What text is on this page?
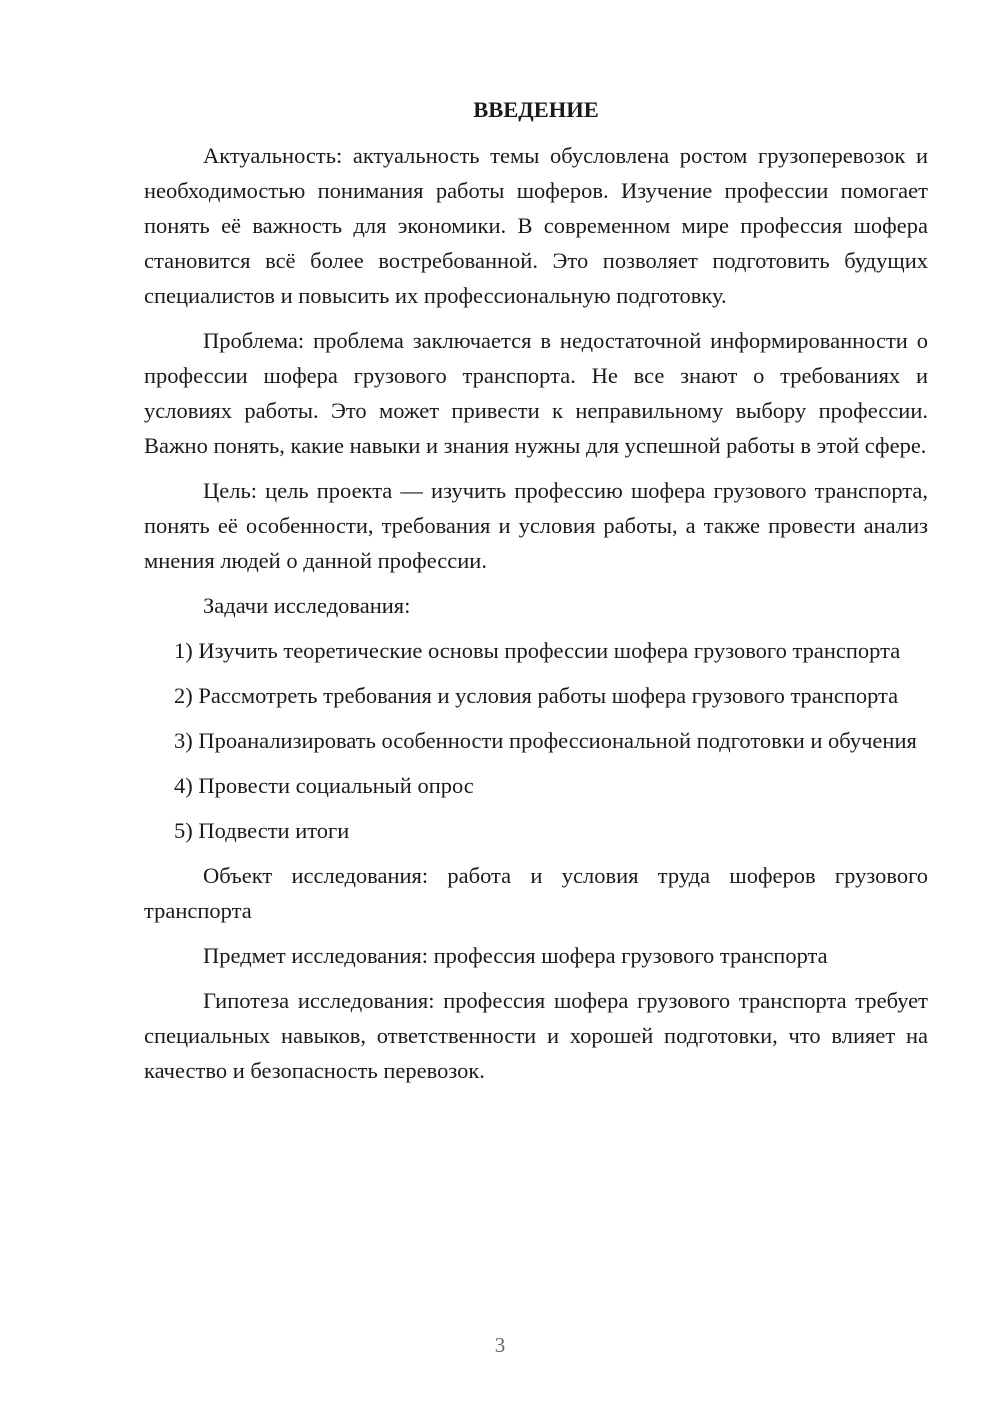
ВВЕДЕНИЕ

Актуальность: актуальность темы обусловлена ростом грузоперевозок и необходимостью понимания работы шоферов. Изучение профессии помогает понять её важность для экономики. В современном мире профессия шофера становится всё более востребованной. Это позволяет подготовить будущих специалистов и повысить их профессиональную подготовку.

Проблема: проблема заключается в недостаточной информированности о профессии шофера грузового транспорта. Не все знают о требованиях и условиях работы. Это может привести к неправильному выбору профессии. Важно понять, какие навыки и знания нужны для успешной работы в этой сфере.

Цель: цель проекта — изучить профессию шофера грузового транспорта, понять её особенности, требования и условия работы, а также провести анализ мнения людей о данной профессии.

Задачи исследования:

1) Изучить теоретические основы профессии шофера грузового транспорта

2) Рассмотреть требования и условия работы шофера грузового транспорта

3) Проанализировать особенности профессиональной подготовки и обучения

4) Провести социальный опрос

5) Подвести итоги

Объект исследования: работа и условия труда шоферов грузового транспорта

Предмет исследования: профессия шофера грузового транспорта

Гипотеза исследования: профессия шофера грузового транспорта требует специальных навыков, ответственности и хорошей подготовки, что влияет на качество и безопасность перевозок.

3
